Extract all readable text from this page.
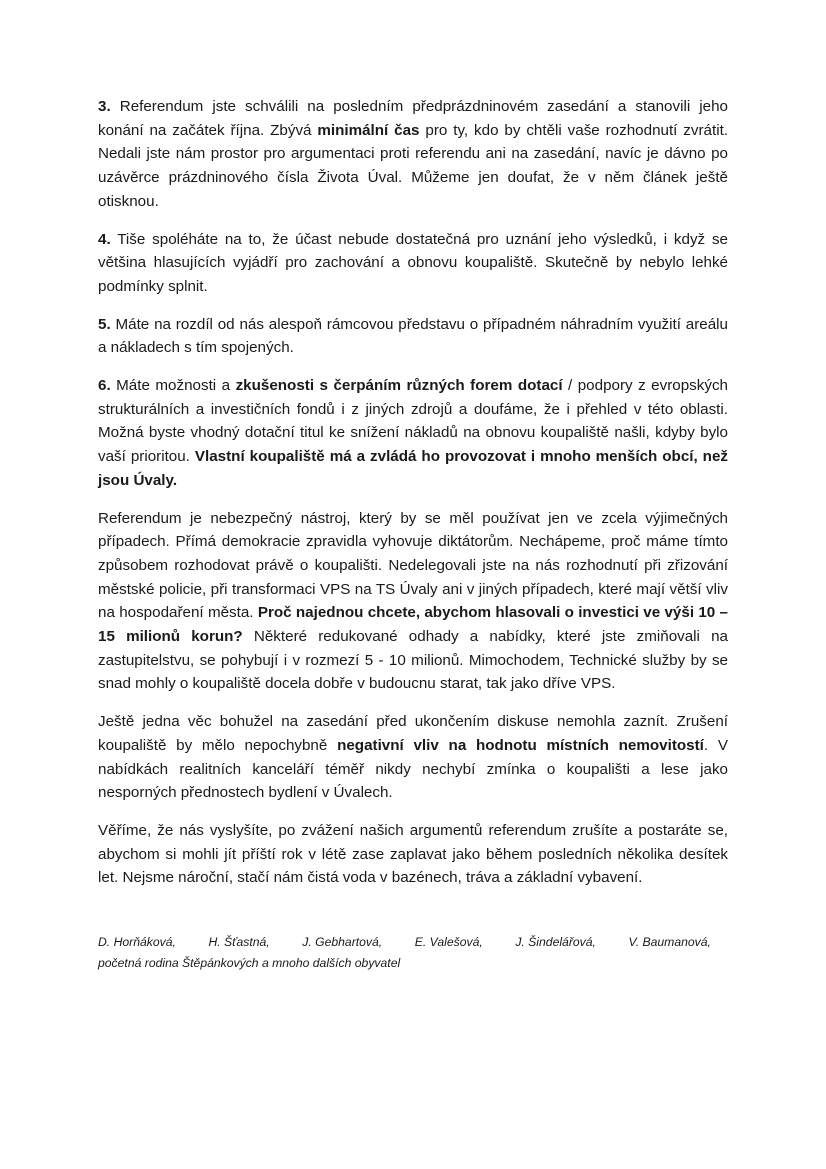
3. Referendum jste schválili na posledním předprázdninovém zasedání a stanovili jeho konání na začátek října. Zbývá minimální čas pro ty, kdo by chtěli vaše rozhodnutí zvrátit. Nedali jste nám prostor pro argumentaci proti referendu ani na zasedání, navíc je dávno po uzávěrce prázdninového čísla Života Úval. Můžeme jen doufat, že v něm článek ještě otisknou.

4. Tiše spoléháte na to, že účast nebude dostatečná pro uznání jeho výsledků, i když se většina hlasujících vyjádří pro zachování a obnovu koupaliště. Skutečně by nebylo lehké podmínky splnit.

5. Máte na rozdíl od nás alespoň rámcovou představu o případném náhradním využití areálu a nákladech s tím spojených.

6. Máte možnosti a zkušenosti s čerpáním různých forem dotací / podpory z evropských strukturálních a investičních fondů i z jiných zdrojů a doufáme, že i přehled v této oblasti. Možná byste vhodný dotační titul ke snížení nákladů na obnovu koupaliště našli, kdyby bylo vaší prioritou. Vlastní koupaliště má a zvládá ho provozovat i mnoho menších obcí, než jsou Úvaly.

Referendum je nebezpečný nástroj, který by se měl používat jen ve zcela výjimečných případech. Přímá demokracie zpravidla vyhovuje diktátorům. Nechápeme, proč máme tímto způsobem rozhodovat právě o koupališti. Nedelegovali jste na nás rozhodnutí při zřizování městské policie, při transformaci VPS na TS Úvaly ani v jiných případech, které mají větší vliv na hospodaření města. Proč najednou chcete, abychom hlasovali o investici ve výši 10 – 15 milionů korun? Některé redukované odhady a nabídky, které jste zmiňovali na zastupitelstvu, se pohybují i v rozmezí 5 - 10 milionů. Mimochodem, Technické služby by se snad mohly o koupaliště docela dobře v budoucnu starat, tak jako dříve VPS.

Ještě jedna věc bohužel na zasedání před ukončením diskuse nemohla zaznít. Zrušení koupaliště by mělo nepochybně negativní vliv na hodnotu místních nemovitostí. V nabídkách realitních kanceláří téměř nikdy nechybí zmínka o koupališti a lese jako nesporných přednostech bydlení v Úvalech.

Věříme, že nás vyslyšíte, po zvážení našich argumentů referendum zrušíte a postaráte se, abychom si mohli jít příští rok v létě zase zaplavat jako během posledních několika desítek let. Nejsme nároční, stačí nám čistá voda v bazénech, tráva a základní vybavení.

D. Horňáková,	H. Šťastná,	J. Gebhartová,	E. Valešová,	J. Šindelářová,	V. Baumanová,
početná rodina Štěpánkových a mnoho dalších obyvatel
